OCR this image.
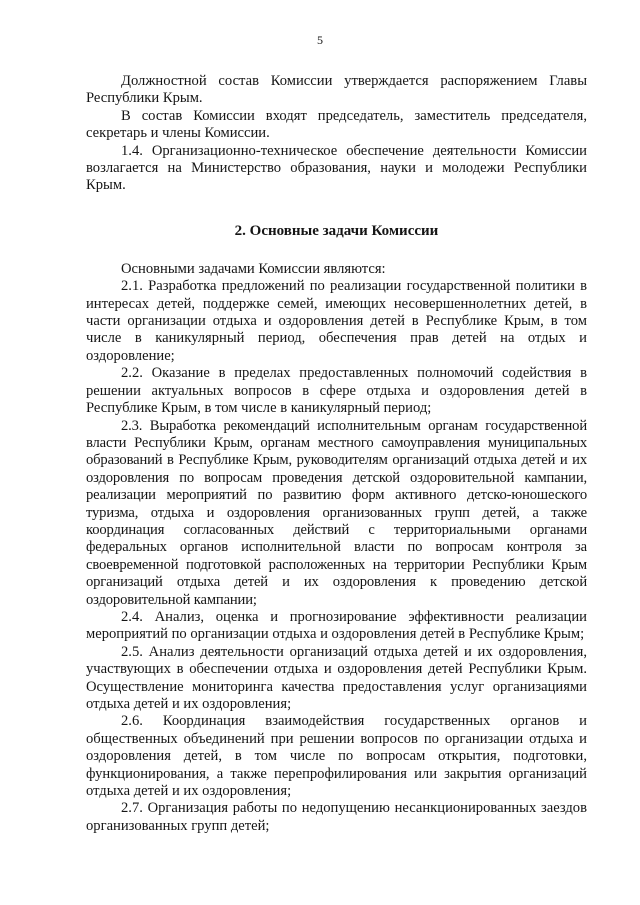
5

Должностной состав Комиссии утверждается распоряжением Главы Республики Крым.

В состав Комиссии входят председатель, заместитель председателя, секретарь и члены Комиссии.

1.4. Организационно-техническое обеспечение деятельности Комиссии возлагается на Министерство образования, науки и молодежи Республики Крым.

2. Основные задачи Комиссии

Основными задачами Комиссии являются:

2.1. Разработка предложений по реализации государственной политики в интересах детей, поддержке семей, имеющих несовершеннолетних детей, в части организации отдыха и оздоровления детей в Республике Крым, в том числе в каникулярный период, обеспечения прав детей на отдых и оздоровление;

2.2. Оказание в пределах предоставленных полномочий содействия в решении актуальных вопросов в сфере отдыха и оздоровления детей в Республике Крым, в том числе в каникулярный период;

2.3. Выработка рекомендаций исполнительным органам государственной власти Республики Крым, органам местного самоуправления муниципальных образований в Республике Крым, руководителям организаций отдыха детей и их оздоровления по вопросам проведения детской оздоровительной кампании, реализации мероприятий по развитию форм активного детско-юношеского туризма, отдыха и оздоровления организованных групп детей, а также координация согласованных действий с территориальными органами федеральных органов исполнительной власти по вопросам контроля за своевременной подготовкой расположенных на территории Республики Крым организаций отдыха детей и их оздоровления к проведению детской оздоровительной кампании;

2.4. Анализ, оценка и прогнозирование эффективности реализации мероприятий по организации отдыха и оздоровления детей в Республике Крым;

2.5. Анализ деятельности организаций отдыха детей и их оздоровления, участвующих в обеспечении отдыха и оздоровления детей Республики Крым. Осуществление мониторинга качества предоставления услуг организациями отдыха детей и их оздоровления;

2.6. Координация взаимодействия государственных органов и общественных объединений при решении вопросов по организации отдыха и оздоровления детей, в том числе по вопросам открытия, подготовки, функционирования, а также перепрофилирования или закрытия организаций отдыха детей и их оздоровления;

2.7. Организация работы по недопущению несанкционированных заездов организованных групп детей;
